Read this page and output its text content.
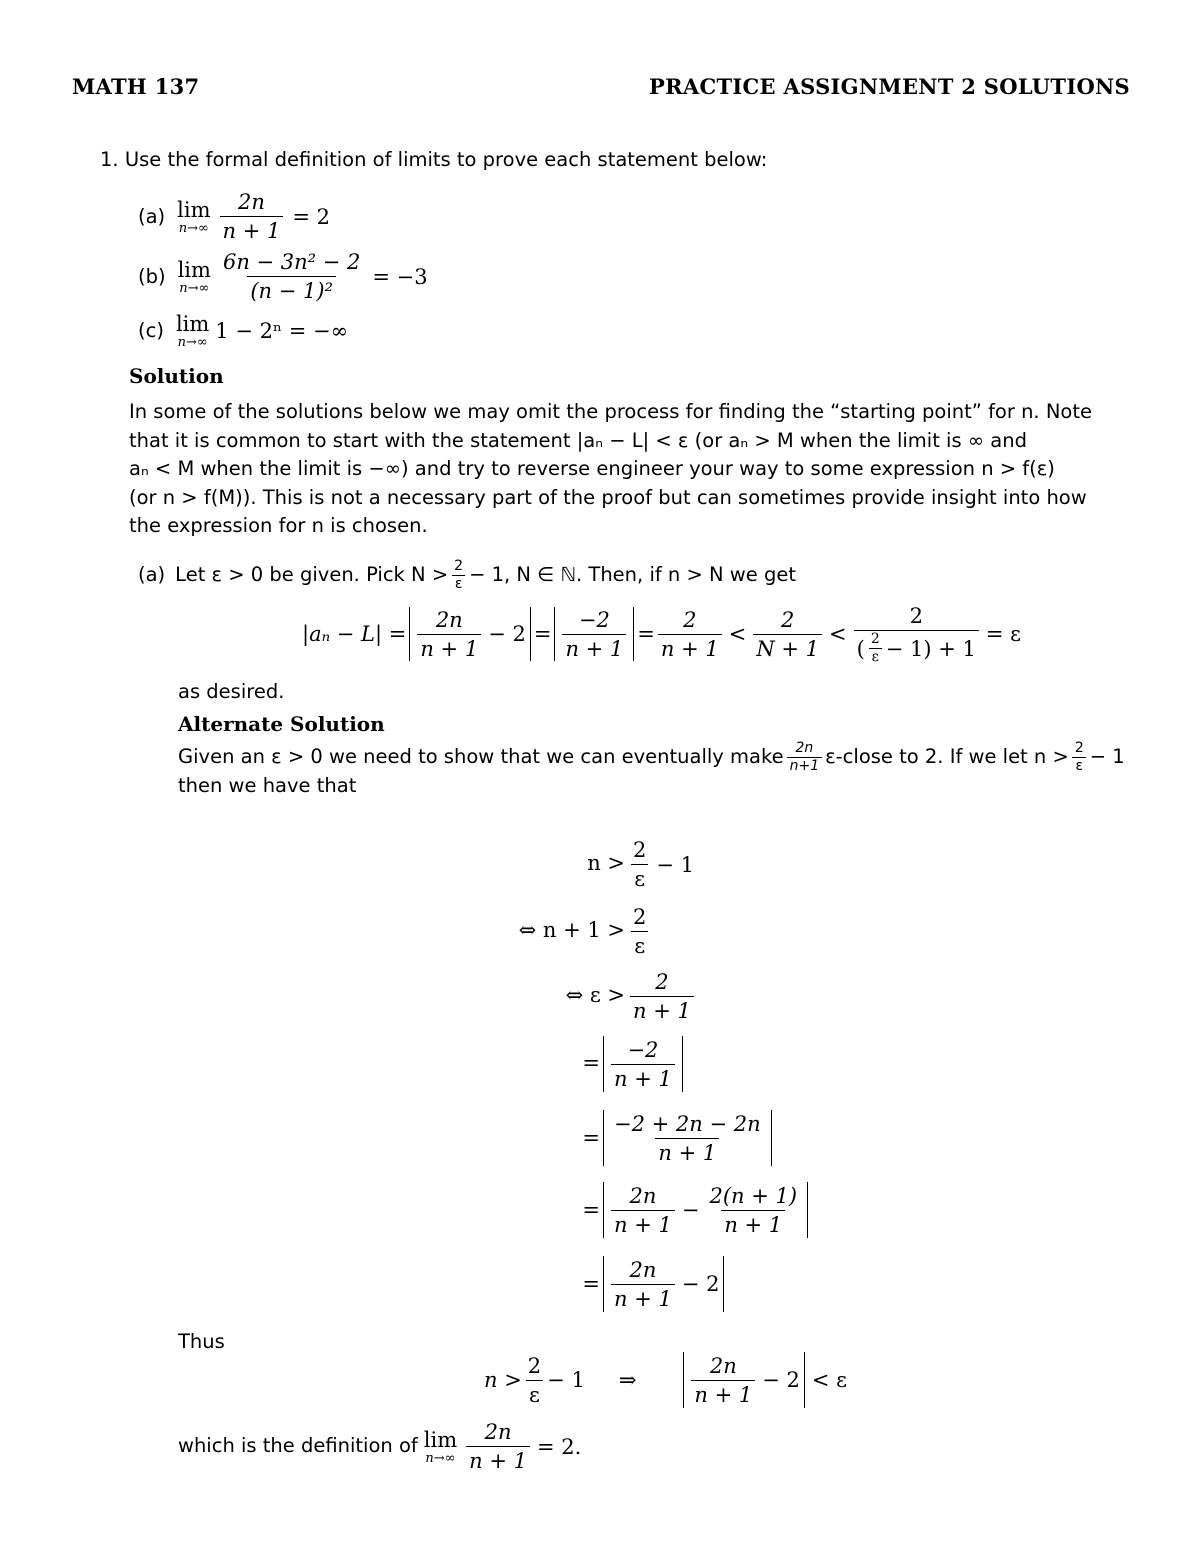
MATH 137	PRACTICE ASSIGNMENT 2 SOLUTIONS
1. Use the formal definition of limits to prove each statement below:
(a) lim
$n\to\infty \frac{2n}{n + 1} = 2$
(b) lim
$n\to\infty \frac{\text{6n − 3n² − 2}}{\text{(n − 1)²}} = -3$
(c) lim
n→∞ 1 − 2ⁿ = −∞
Solution
In some of the solutions below we may omit the process for finding the “starting point” for n. Note
that it is common to start with the statement |aₙ − L| < ε (or aₙ > M when the limit is ∞ and
aₙ < M when the limit is −∞) and try to reverse engineer your way to some expression n > f(ε)
(or n > f(M)). This is not a necessary part of the proof but can sometimes provide insight into how
the expression for n is chosen.
(a) Let ε > 0 be given. Pick $N > \frac{2}{\varepsilon} - 1$, N ∈ ℕ. Then, if n > N we get
$|a_n - L| = \frac{2n}{n + 1} - 2 = \frac{-2}{n + 1} = \frac{2}{n + 1} < \frac{2}{N + 1} < \frac{2}{( \frac{2}{\varepsilon} - 1) + 1} = \varepsilon$
as desired.
Alternate Solution
Given an ε > 0 we need to show that we can eventually make $\frac{2n}{n+1}$ ε-close to 2. If we let $n > \frac{2}{\varepsilon} - 1$
then we have that
$n > \frac{2}{\varepsilon} - 1$
⇔ $n + 1 > \frac{2}{\varepsilon}$
⇔ $\varepsilon > \frac{2}{n + 1}$
= $\frac{-2}{n + 1}$
= $\frac{-2 + 2n - 2n}{n + 1}$
= $\frac{2n}{n + 1} - \frac{2(n + 1)}{n + 1}$
= $\frac{2n}{n + 1} - 2$
Thus
$n > \frac{2}{\varepsilon} - 1$ ⇒	$\frac{2n}{n + 1} - 2 < \varepsilon$
which is the definition of lim
$n\to\infty \frac{2n}{n + 1} = 2$.
